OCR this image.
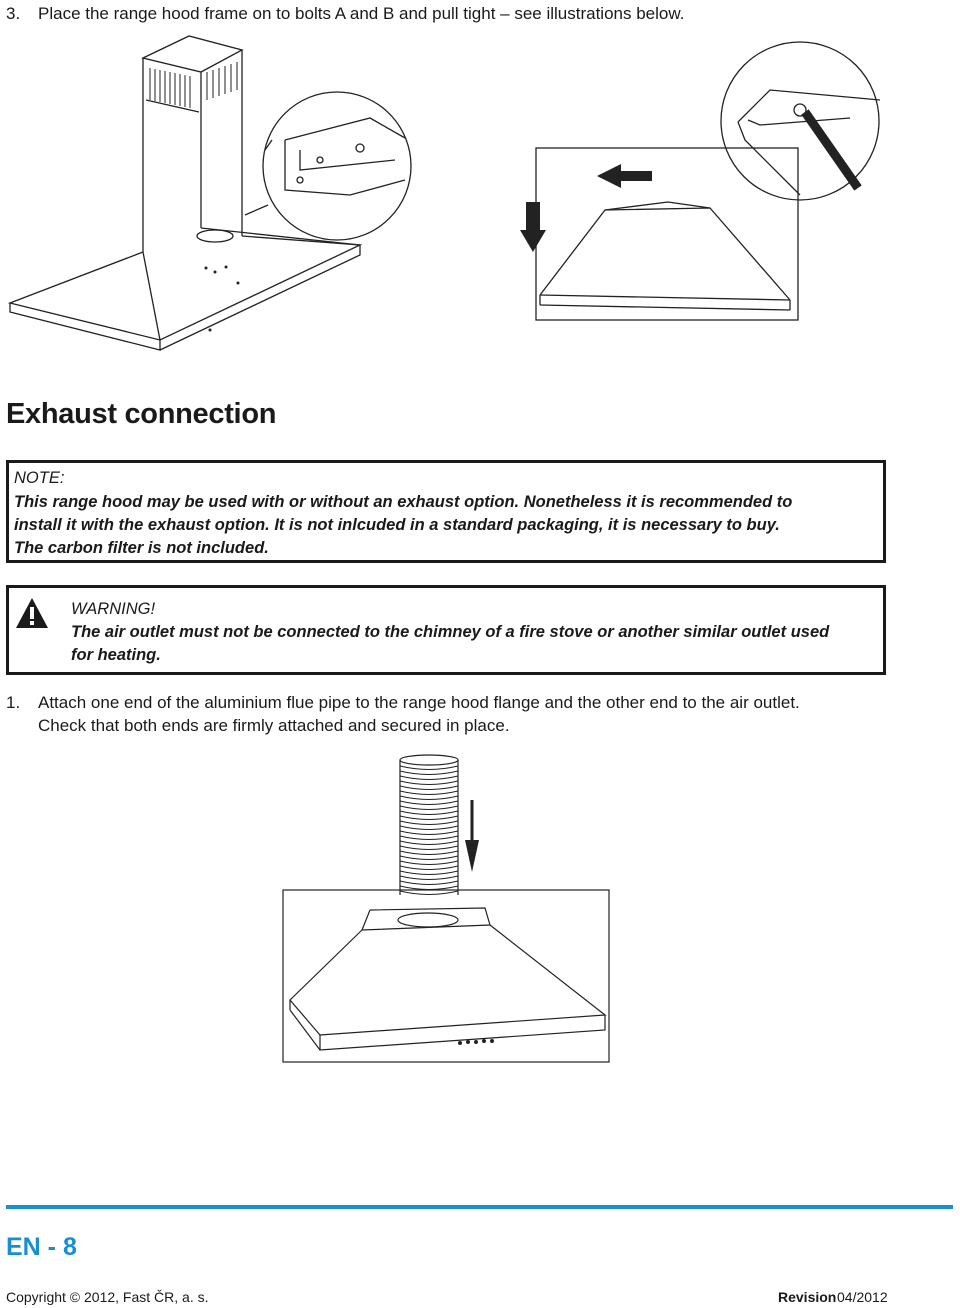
3. Place the range hood frame on to bolts A and B and pull tight – see illustrations below.
Exhaust connection
NOTE:
This range hood may be used with or without an exhaust option. Nonetheless it is recommended to
install it with the exhaust option. It is not inlcuded in a standard packaging, it is necessary to buy.
The carbon filter is not included.
WARNING!
The air outlet must not be connected to the chimney of a fire stove or another similar outlet used
for heating.
1. Attach one end of the aluminium flue pipe to the range hood flange and the other end to the air outlet.
Check that both ends are firmly attached and secured in place.
EN - 8
Copyright © 2012, Fast ČR, a. s.	Revision 04/2012
